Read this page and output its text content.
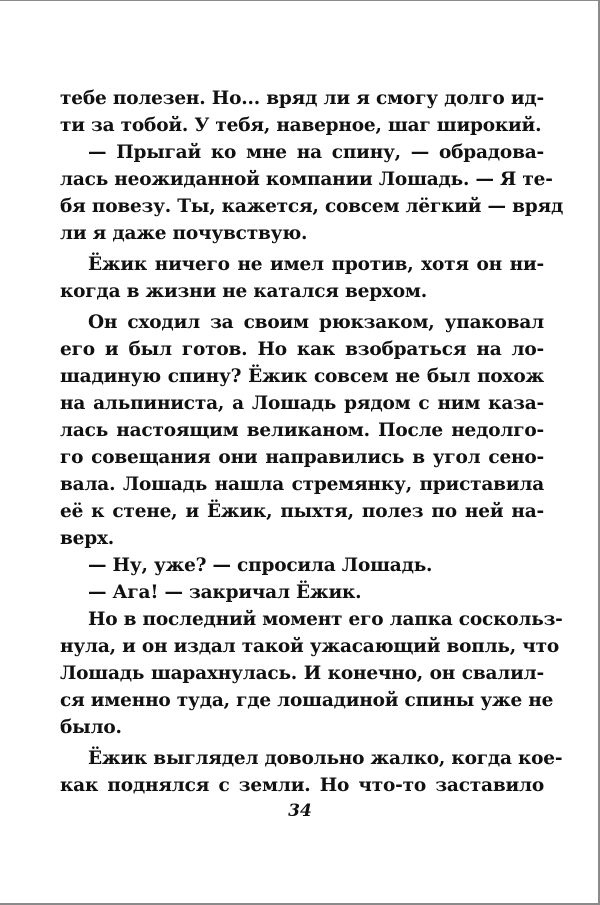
тебе полезен. Но... вряд ли я смогу долго ид-
ти за тобой. У тебя, наверное, шаг широкий.
— Прыгай ко мне на спину, — обрадова-
лась неожиданной компании Лошадь. — Я те-
бя повезу. Ты, кажется, совсем лёгкий — вряд
ли я даже почувствую.
Ёжик ничего не имел против, хотя он ни-
когда в жизни не катался верхом.
Он сходил за своим рюкзаком, упаковал
его и был готов. Но как взобраться на ло-
шадиную спину? Ёжик совсем не был похож
на альпиниста, а Лошадь рядом с ним каза-
лась настоящим великаном. После недолго-
го совещания они направились в угол сено-
вала. Лошадь нашла стремянку, приставила
её к стене, и Ёжик, пыхтя, полез по ней на-
верх.
— Ну, уже? — спросила Лошадь.
— Ага! — закричал Ёжик.
Но в последний момент его лапка соскольз-
нула, и он издал такой ужасающий вопль, что
Лошадь шарахнулась. И конечно, он свалил-
ся именно туда, где лошадиной спины уже не
было.
Ёжик выглядел довольно жалко, когда кое-
как поднялся с земли. Но что-то заставило
34
